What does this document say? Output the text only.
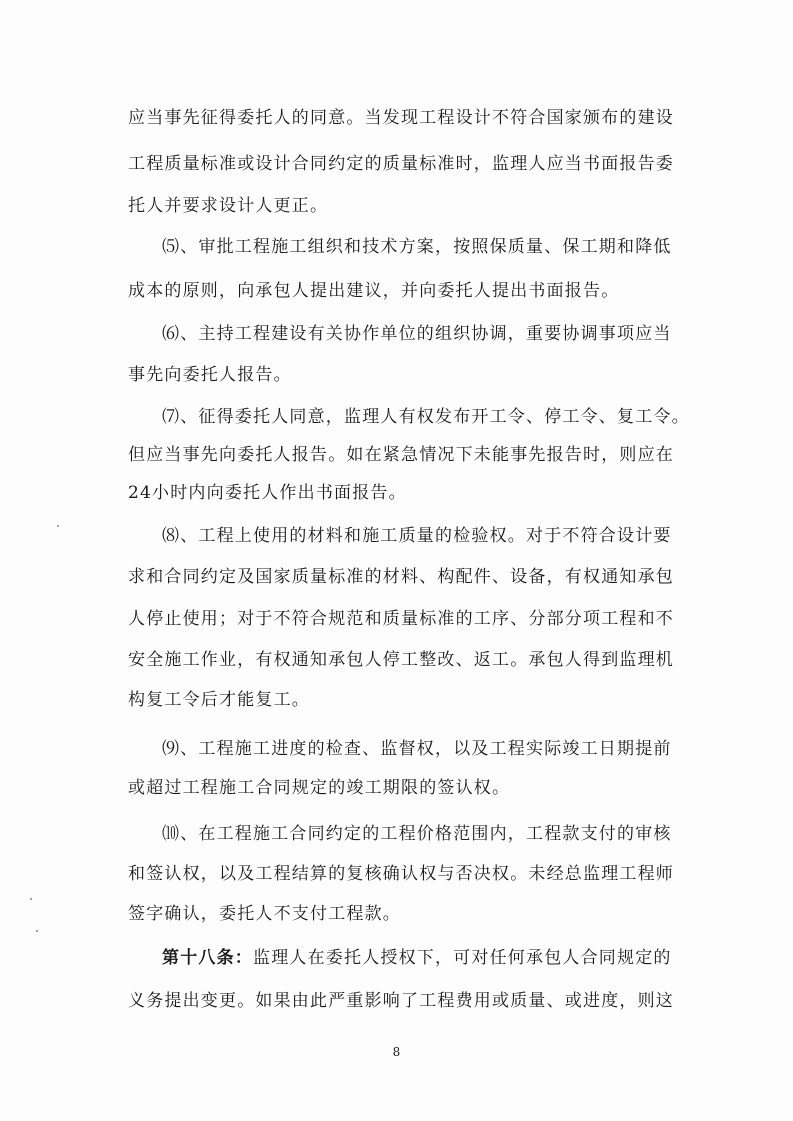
应当事先征得委托人的同意。当发现工程设计不符合国家颁布的建设
工程质量标准或设计合同约定的质量标准时，监理人应当书面报告委
托人并要求设计人更正。
⑸、审批工程施工组织和技术方案，按照保质量、保工期和降低
成本的原则，向承包人提出建议，并向委托人提出书面报告。
⑹、主持工程建设有关协作单位的组织协调，重要协调事项应当
事先向委托人报告。
⑺、征得委托人同意，监理人有权发布开工令、停工令、复工令。
但应当事先向委托人报告。如在紧急情况下未能事先报告时，则应在
24小时内向委托人作出书面报告。
⑻、工程上使用的材料和施工质量的检验权。对于不符合设计要
求和合同约定及国家质量标准的材料、构配件、设备，有权通知承包
人停止使用；对于不符合规范和质量标准的工序、分部分项工程和不
安全施工作业，有权通知承包人停工整改、返工。承包人得到监理机
构复工令后才能复工。
⑼、工程施工进度的检查、监督权，以及工程实际竣工日期提前
或超过工程施工合同规定的竣工期限的签认权。
⑽、在工程施工合同约定的工程价格范围内，工程款支付的审核
和签认权，以及工程结算的复核确认权与否决权。未经总监理工程师
签字确认，委托人不支付工程款。
第十八条：监理人在委托人授权下，可对任何承包人合同规定的
义务提出变更。如果由此严重影响了工程费用或质量、或进度，则这
8
